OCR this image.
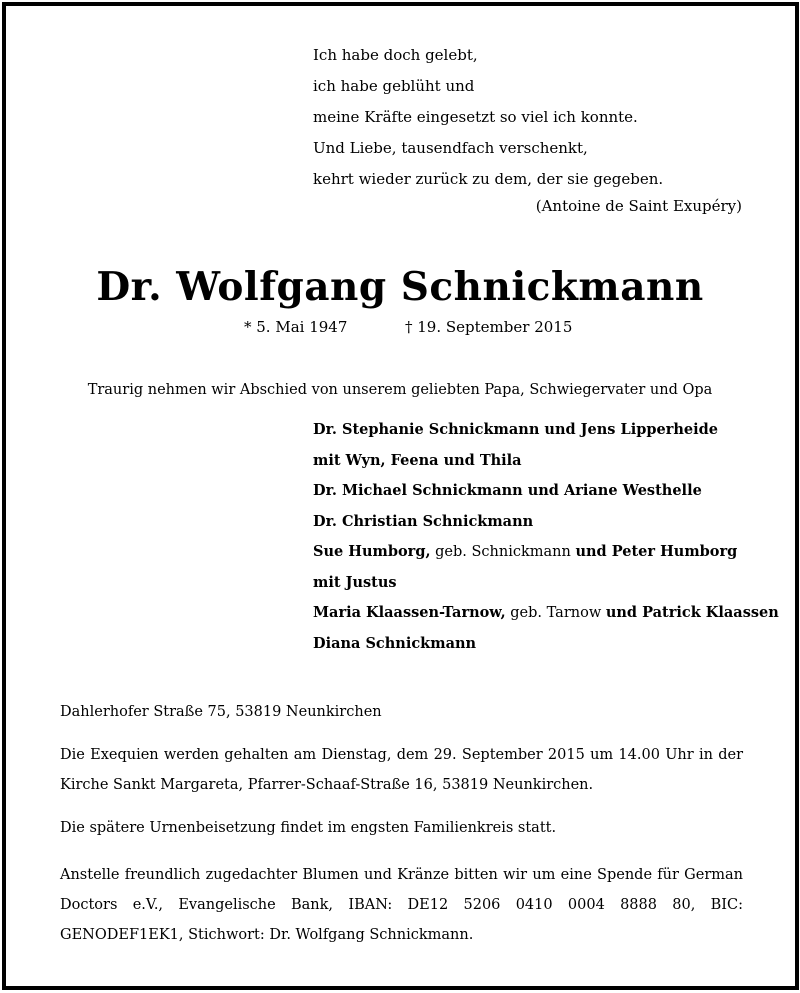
Ich habe doch gelebt,
ich habe geblüht und
meine Kräfte eingesetzt so viel ich konnte.
Und Liebe, tausendfach verschenkt,
kehrt wieder zurück zu dem, der sie gegeben.
(Antoine de Saint Exupéry)
Dr. Wolfgang Schnickmann
* 5. Mai 1947	† 19. September 2015
Traurig nehmen wir Abschied von unserem geliebten Papa, Schwiegervater und Opa
Dr. Stephanie Schnickmann und Jens Lipperheide
mit Wyn, Feena und Thila
Dr. Michael Schnickmann und Ariane Westhelle
Dr. Christian Schnickmann
Sue Humborg, geb. Schnickmann und Peter Humborg
mit Justus
Maria Klaassen-Tarnow, geb. Tarnow und Patrick Klaassen
Diana Schnickmann
Dahlerhofer Straße 75, 53819 Neunkirchen
Die Exequien werden gehalten am Dienstag, dem 29. September 2015 um 14.00 Uhr in der Kirche Sankt Margareta, Pfarrer-Schaaf-Straße 16, 53819 Neunkirchen.
Die spätere Urnenbeisetzung findet im engsten Familienkreis statt.
Anstelle freundlich zugedachter Blumen und Kränze bitten wir um eine Spende für German Doctors e.V., Evangelische Bank, IBAN: DE12 5206 0410 0004 8888 80, BIC: GENODEF1EK1, Stichwort: Dr. Wolfgang Schnickmann.
